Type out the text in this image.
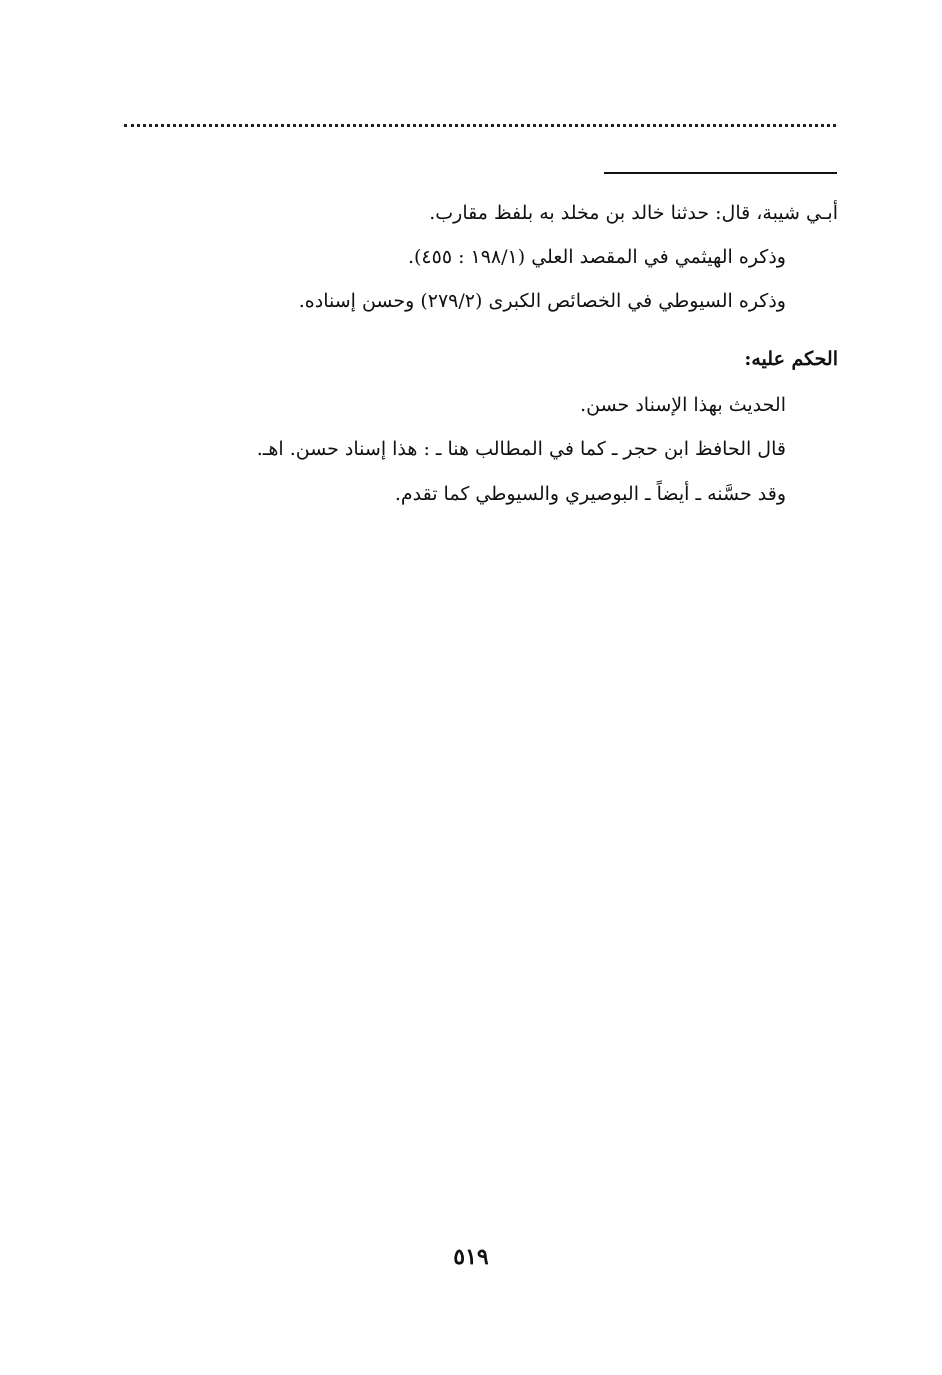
أبـي شيبة، قال: حدثنا خالد بن مخلد به بلفظ مقارب.
وذكره الهيثمي في المقصد العلي (١٩٨/١ : ٤٥٥).
وذكره السيوطي في الخصائص الكبرى (٢٧٩/٢) وحسن إسناده.
الحكم عليه:
الحديث بهذا الإسناد حسن.
قال الحافظ ابن حجر ـ كما في المطالب هنا ـ : هذا إسناد حسن. اهـ.
وقد حسَّنه ـ أيضاً ـ البوصيري والسيوطي كما تقدم.
٥١٩
